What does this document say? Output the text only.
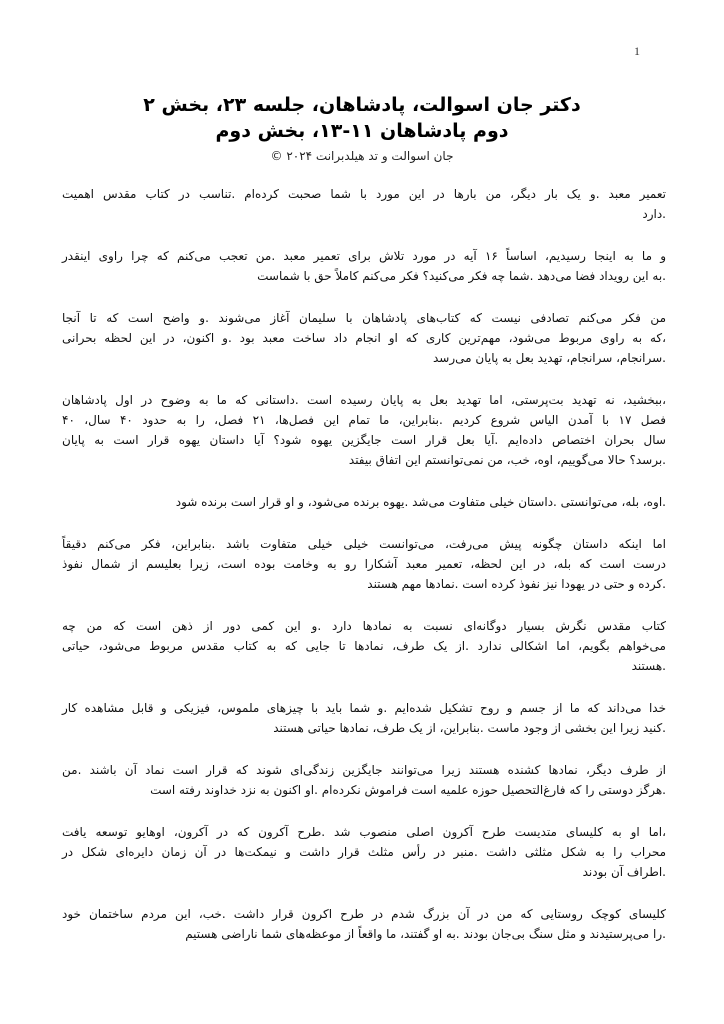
1
دکتر جان اسوالت، پادشاهان، جلسه ۲۳، بخش ۲
دوم پادشاهان ۱۱-۱۳، بخش دوم
جان اسوالت و تد هیلدبرانت ۲۰۲۴ ©
تعمیر معبد .و یک بار دیگر، من بارها در این مورد با شما صحبت کرده‌ام .تناسب در کتاب مقدس اهمیت
.دارد
و ما به اینجا رسیدیم، اساساً ۱۶ آیه در مورد تلاش برای تعمیر معبد .من تعجب می‌کنم که چرا راوی اینقدر
.به این رویداد فضا می‌دهد .شما چه فکر می‌کنید؟ فکر می‌کنم کاملاً حق با شماست
من فکر می‌کنم تصادفی نیست که کتاب‌های پادشاهان با سلیمان آغاز می‌شوند .و واضح است که تا آنجا
،که به راوی مربوط می‌شود، مهم‌ترین کاری که او انجام داد ساخت معبد بود .و اکنون، در این لحظه بحرانی
.سرانجام، سرانجام، تهدید بعل به پایان می‌رسد
،ببخشید، نه تهدید بت‌پرستی، اما تهدید بعل به پایان رسیده است .داستانی که ما به وضوح در اول پادشاهان
فصل ۱۷ با آمدن الیاس شروع کردیم .بنابراین، ما تمام این فصل‌ها، ۲۱ فصل، را به حدود ۴۰ سال، ۴۰
سال بحران اختصاص داده‌ایم .آیا بعل قرار است جایگزین یهوه شود؟ آیا داستان یهوه قرار است به پایان
.برسد؟ حالا می‌گوییم، اوه، خب، من نمی‌توانستم این اتفاق بیفتد
.اوه، بله، می‌توانستی .داستان خیلی متفاوت می‌شد .یهوه برنده می‌شود، و او قرار است برنده شود
اما اینکه داستان چگونه پیش می‌رفت، می‌توانست خیلی خیلی متفاوت باشد .بنابراین، فکر می‌کنم دقیقاً
درست است که بله، در این لحظه، تعمیر معبد آشکارا رو به وخامت بوده است، زیرا بعلیسم از شمال نفوذ
.کرده و حتی در یهودا نیز نفوذ کرده است .نمادها مهم هستند
کتاب مقدس نگرش بسیار دوگانه‌ای نسبت به نمادها دارد .و این کمی دور از ذهن است که من چه
می‌خواهم بگویم، اما اشکالی ندارد .از یک طرف، نمادها تا جایی که به کتاب مقدس مربوط می‌شود، حیاتی
.هستند
خدا می‌داند که ما از جسم و روح تشکیل شده‌ایم .و شما باید با چیزهای ملموس، فیزیکی و قابل مشاهده کار
.کنید زیرا این بخشی از وجود ماست .بنابراین، از یک طرف، نمادها حیاتی هستند
از طرف دیگر، نمادها کشنده هستند زیرا می‌توانند جایگزین زندگی‌ای شوند که قرار است نماد آن باشند .من
.هرگز دوستی را که فارغ‌التحصیل حوزه علمیه است فراموش نکرده‌ام .او اکنون به نزد خداوند رفته است
،اما او به کلیسای متدیست طرح آکرون اصلی منصوب شد .طرح آکرون که در آکرون، اوهایو توسعه یافت
محراب را به شکل مثلثی داشت .منبر در رأس مثلث قرار داشت و نیمکت‌ها در آن زمان دایره‌ای شکل در
.اطراف آن بودند
کلیسای کوچک روستایی که من در آن بزرگ شدم در طرح اکرون قرار داشت .خب، این مردم ساختمان خود
.را می‌پرستیدند و مثل سنگ بی‌جان بودند .به او گفتند، ما واقعاً از موعظه‌های شما ناراضی هستیم
